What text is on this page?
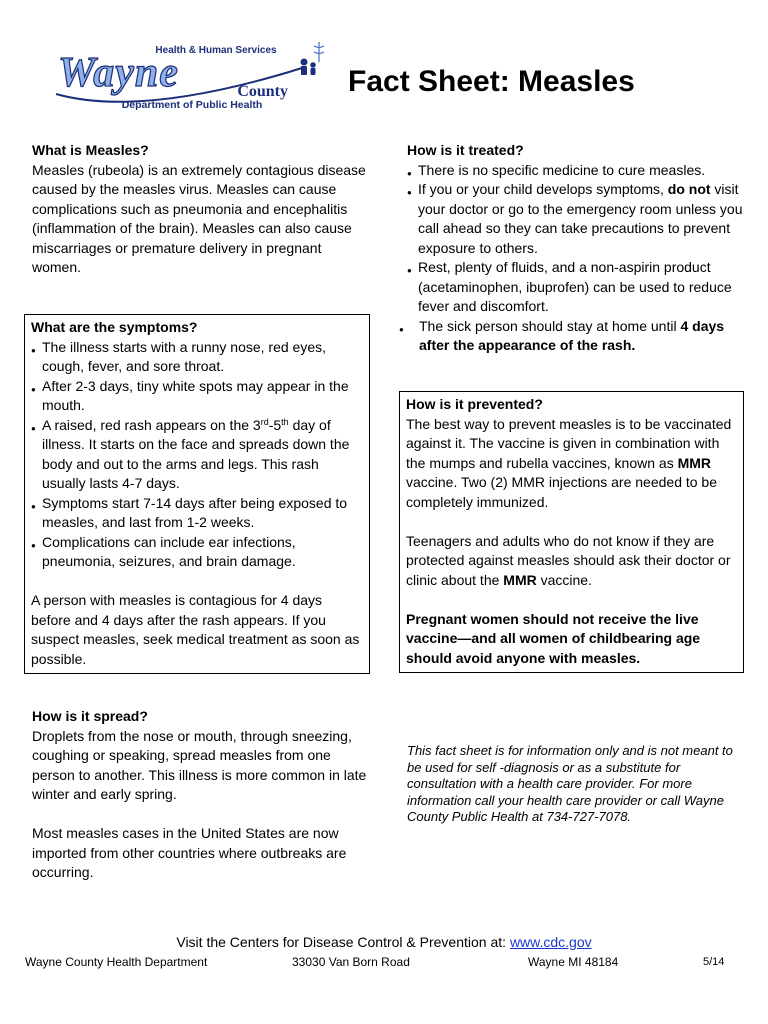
Health & Human Services
Wayne	County
Department of Public Health
Fact Sheet: Measles
What is Measles?

Measles (rubeola) is an extremely contagious disease caused by the measles virus. Measles can cause complications such as pneumonia and encephalitis (inflammation of the brain). Measles can also cause miscarriages or premature delivery in pregnant women.

What are the symptoms?
● The illness starts with a runny nose, red eyes, cough, fever, and sore throat.
● After 2-3 days, tiny white spots may appear in the mouth.
● A raised, red rash appears on the 3rd-5th day of illness. It starts on the face and spreads down the body and out to the arms and legs. This rash usually lasts 4-7 days.
● Symptoms start 7-14 days after being exposed to measles, and last from 1-2 weeks.
● Complications can include ear infections, pneumonia, seizures, and brain damage.

A person with measles is contagious for 4 days before and 4 days after the rash appears. If you suspect measles, seek medical treatment as soon as possible.

How is it spread?

Droplets from the nose or mouth, through sneezing, coughing or speaking, spread measles from one person to another. This illness is more common in late winter and early spring.

Most measles cases in the United States are now imported from other countries where outbreaks are occurring.

How is it treated?
● There is no specific medicine to cure measles.
● If you or your child develops symptoms, do not visit your doctor or go to the emergency room unless you call ahead so they can take precautions to prevent exposure to others.
● Rest, plenty of fluids, and a non-aspirin product (acetaminophen, ibuprofen) can be used to reduce fever and discomfort.
● The sick person should stay at home until 4 days after the appearance of the rash.
How is it prevented?

The best way to prevent measles is to be vaccinated against it. The vaccine is given in combination with the mumps and rubella vaccines, known as MMR vaccine. Two (2) MMR injections are needed to be completely immunized.

Teenagers and adults who do not know if they are protected against measles should ask their doctor or clinic about the MMR vaccine.

Pregnant women should not receive the live vaccine—and all women of childbearing age should avoid anyone with measles.

This fact sheet is for information only and is not meant to be used for self -diagnosis or as a substitute for consultation with a health care provider. For more information call your health care provider or call Wayne County Public Health at 734-727-7078.
Visit the Centers for Disease Control & Prevention at: www.cdc.gov
Wayne County Health Department	33030 Van Born Road	Wayne MI 48184	5/14
